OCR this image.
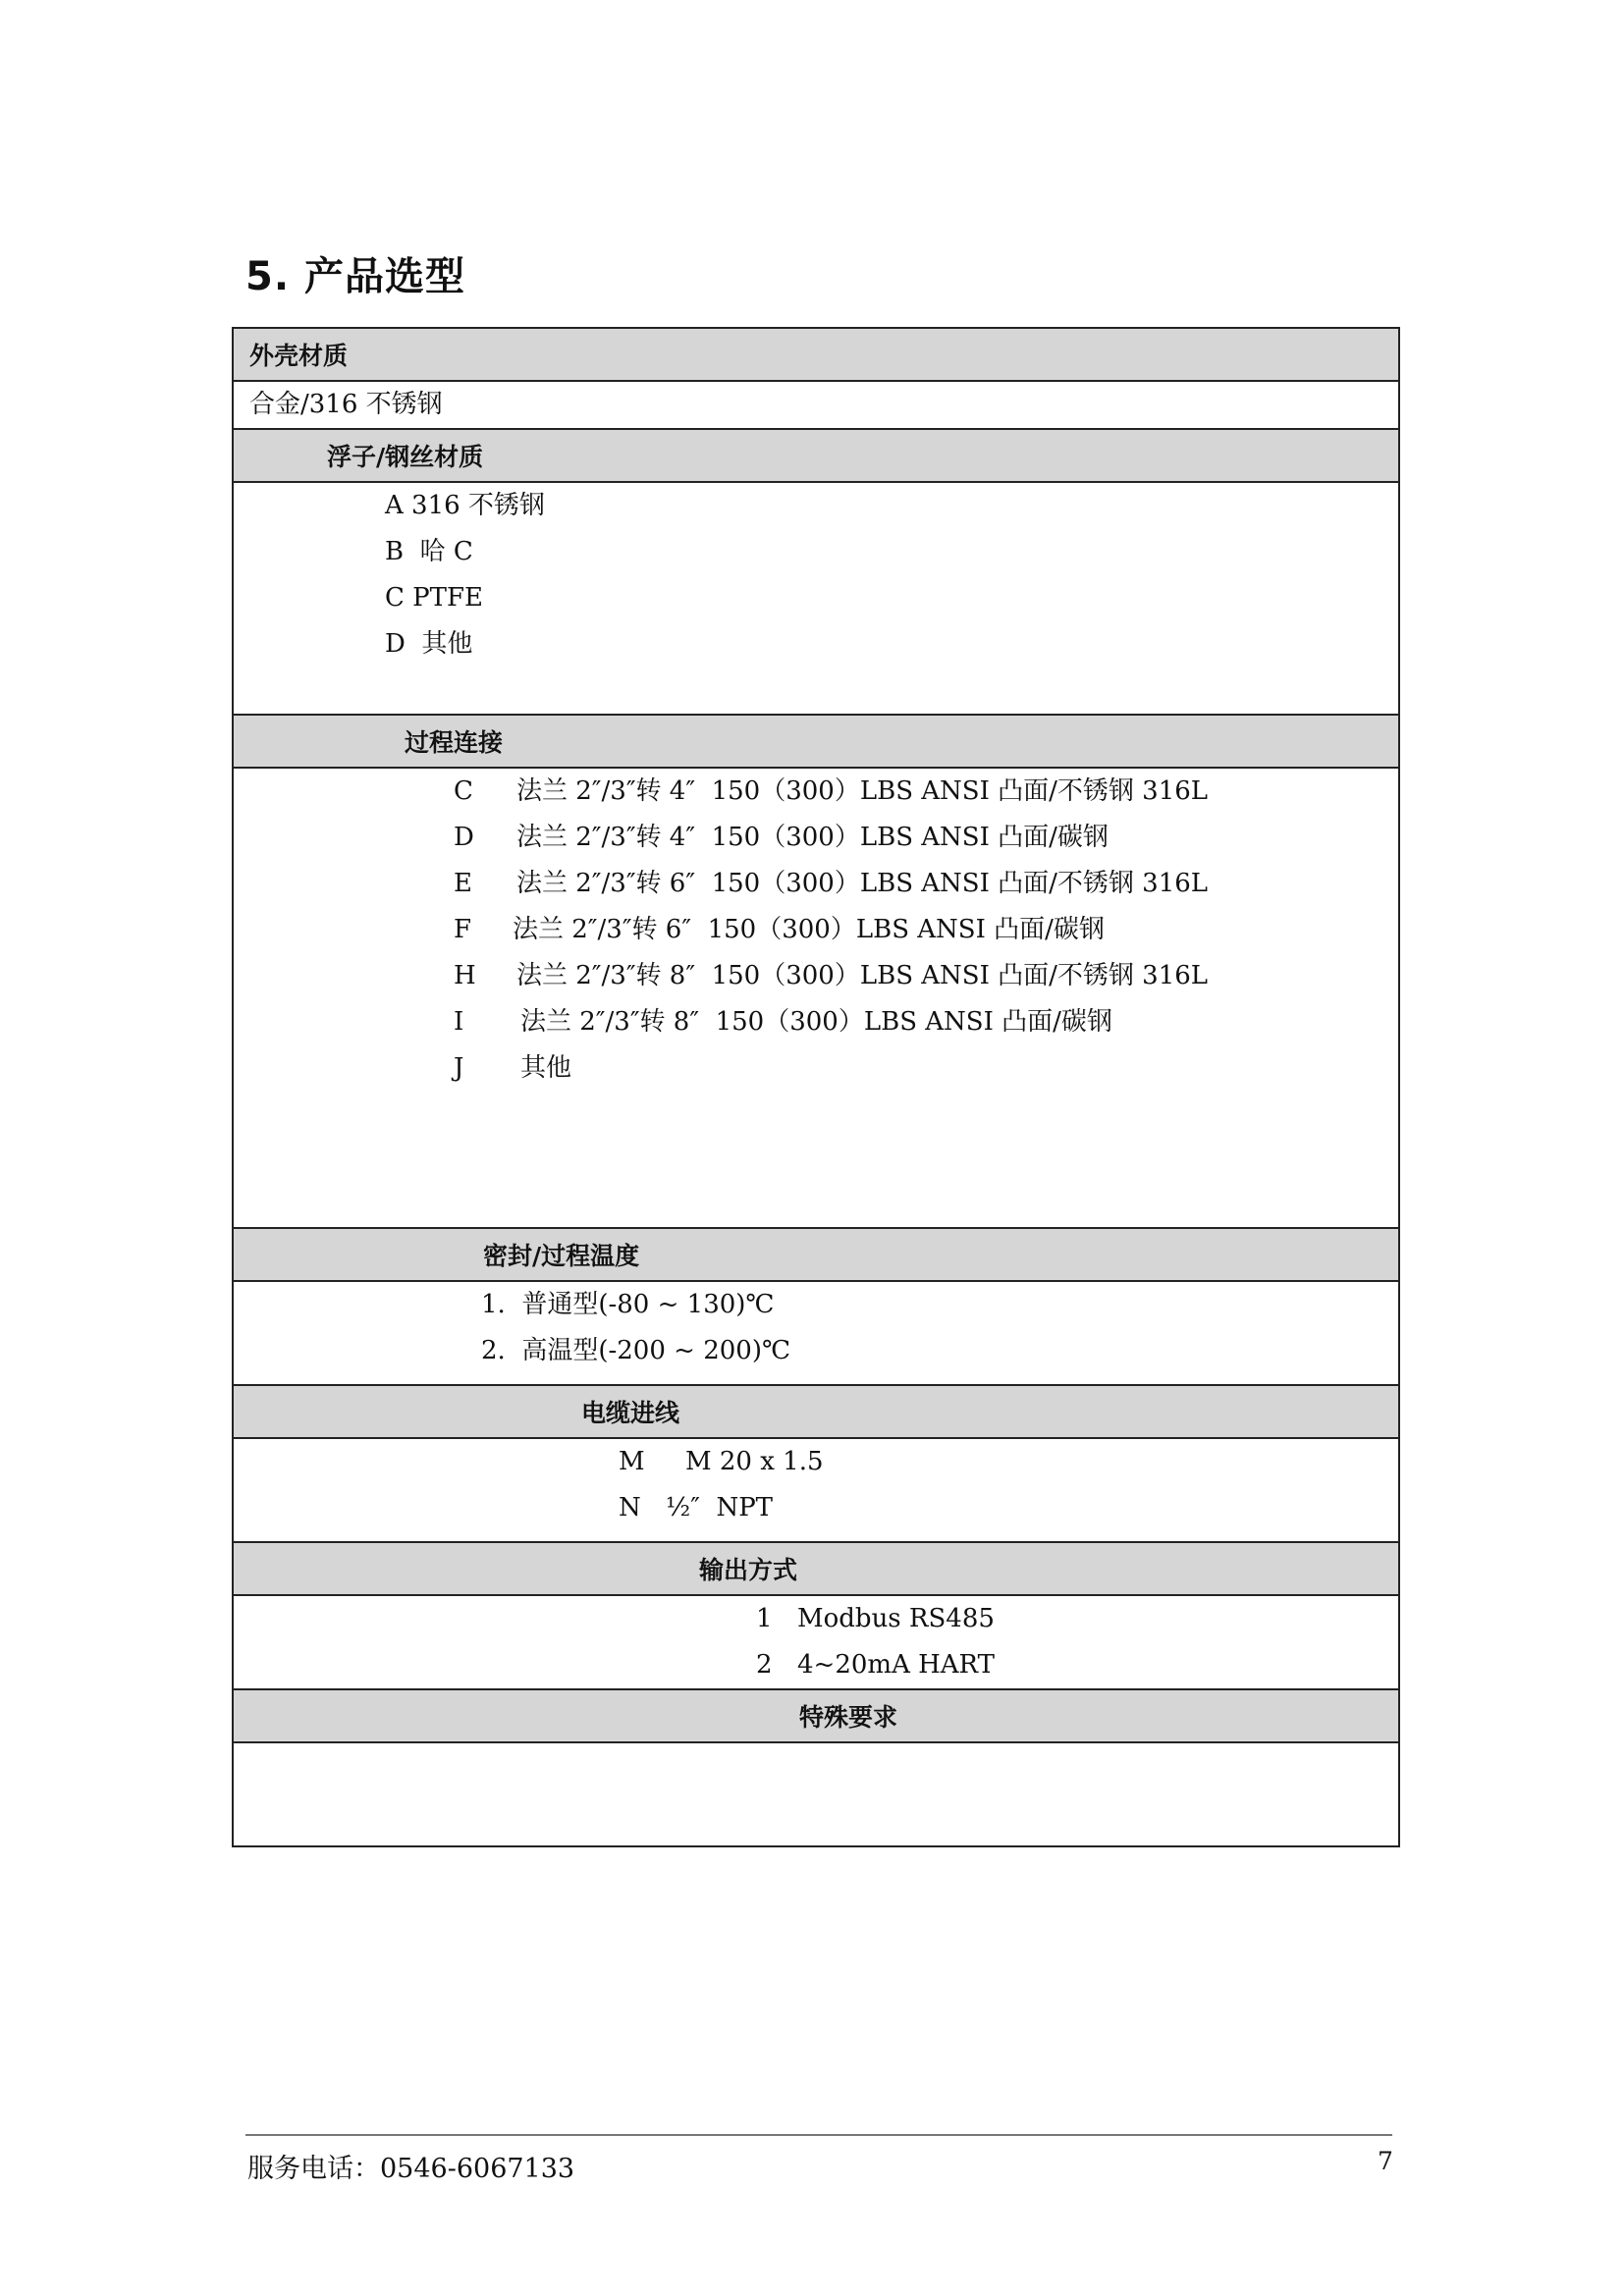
5. 产品选型
外壳材质
合金/316 不锈钢
浮子/钢丝材质
A 316 不锈钢
B  哈 C
C PTFE
D  其他
过程连接
C 法兰 2″/3″转 4″  150（300）LBS ANSI 凸面/不锈钢 316L
D 法兰 2″/3″转 4″  150（300）LBS ANSI 凸面/碳钢
E 法兰 2″/3″转 6″  150（300）LBS ANSI 凸面/不锈钢 316L
F 法兰 2″/3″转 6″  150（300）LBS ANSI 凸面/碳钢
H 法兰 2″/3″转 8″  150（300）LBS ANSI 凸面/不锈钢 316L
I 法兰 2″/3″转 8″  150（300）LBS ANSI 凸面/碳钢
J 其他
密封/过程温度
1.  普通型(-80 ~ 130)℃
2.  高温型(-200 ~ 200)℃
电缆进线
M M 20 x 1.5
N ½″  NPT
输出方式
1 Modbus RS485
2 4~20mA HART
特殊要求
服务电话：0546-6067133	7
